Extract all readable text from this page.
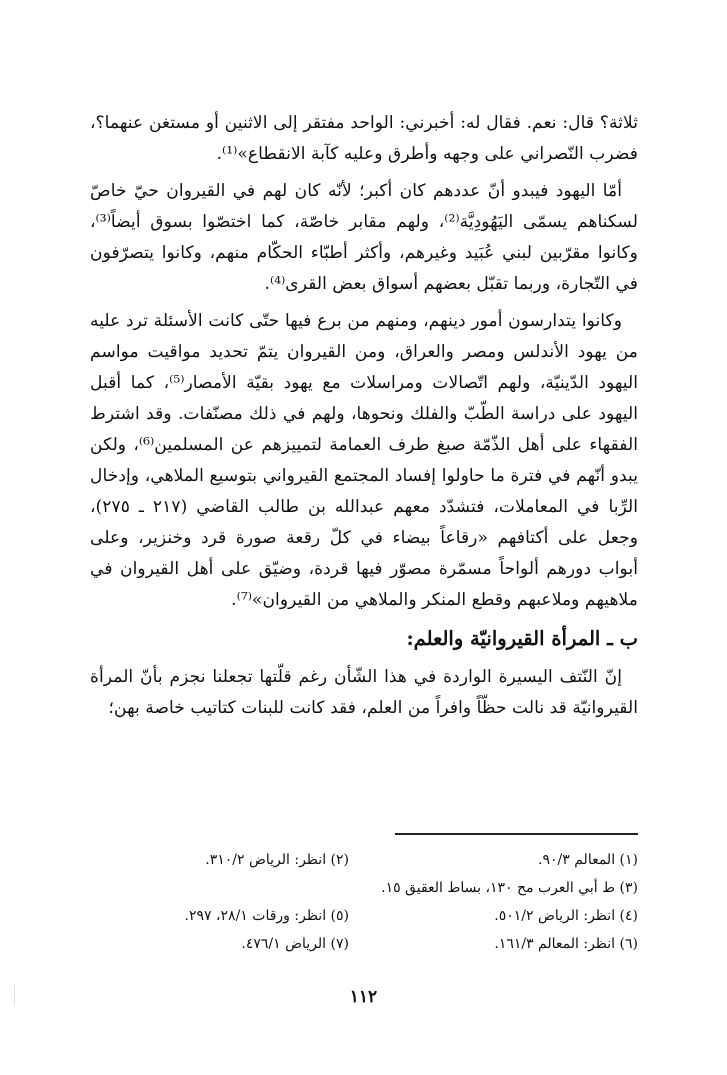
ثلاثة؟ قال: نعم. فقال له: أخبرني: الواحد مفتقر إلى الاثنين أو مستغن عنهما؟، فضرب النّصراني على وجهه وأطرق وعليه كآبة الانقطاع»⁽¹⁾.

أمّا اليهود فيبدو أنّ عددهم كان أكبر؛ لأنّه كان لهم في القيروان حيّ خاصّ لسكناهم يسمّى اليَهُودِيَّة⁽²⁾، ولهم مقابر خاصّة، كما اختصّوا بسوق أيضاً⁽³⁾، وكانوا مقرّبين لبني عُبَيد وغيرهم، وأكثر أطبّاء الحكّام منهم، وكانوا يتصرّفون في التّجارة، وربما تقبّل بعضهم أسواق بعض القرى⁽⁴⁾.

وكانوا يتدارسون أمور دينهم، ومنهم من برع فيها حتّى كانت الأسئلة ترد عليه من يهود الأندلس ومصر والعراق، ومن القيروان يتمّ تحديد مواقيت مواسم اليهود الدّينيّة، ولهم اتّصالات ومراسلات مع يهود بقيّة الأمصار⁽⁵⁾، كما أقبل اليهود على دراسة الطّبّ والفلك ونحوها، ولهم في ذلك مصنّفات. وقد اشترط الفقهاء على أهل الذّمّة صبغ طرف العمامة لتمييزهم عن المسلمين⁽⁶⁾، ولكن يبدو أنّهم في فترة ما حاولوا إفساد المجتمع القيرواني بتوسيع الملاهي، وإدخال الرِّبا في المعاملات، فتشدّد معهم عبدالله بن طالب القاضي (٢١٧ ـ ٢٧٥)، وجعل على أكتافهم «رقاعاً بيضاء في كلّ رقعة صورة قرد وخنزير، وعلى أبواب دورهم ألواحاً مسمّرة مصوّر فيها قردة، وضيّق على أهل القيروان في ملاهيهم وملاعبهم وقطع المنكر والملاهي من القيروان»⁽⁷⁾.

ب ـ المرأة القيروانيّة والعلم:

إنّ النّتف اليسيرة الواردة في هذا الشّأن رغم قلّتها تجعلنا نجزم بأنّ المرأة القيروانيّة قد نالت حظّاً وافراً من العلم، فقد كانت للبنات كتاتيب خاصة بهن؛

(١) المعالم ٩٠/٣.
(٢) انظر: الرياض ٣١٠/٢.
(٣) ط أبي العرب مح ١٣٠، بساط العقيق ١٥.
(٤) انظر: الرياض ٥٠١/٢.
(٥) انظر: ورقات ٢٨/١، ٢٩٧.
(٦) انظر: المعالم ١٦١/٣.
(٧) الرياض ٤٧٦/١.
١١٢
